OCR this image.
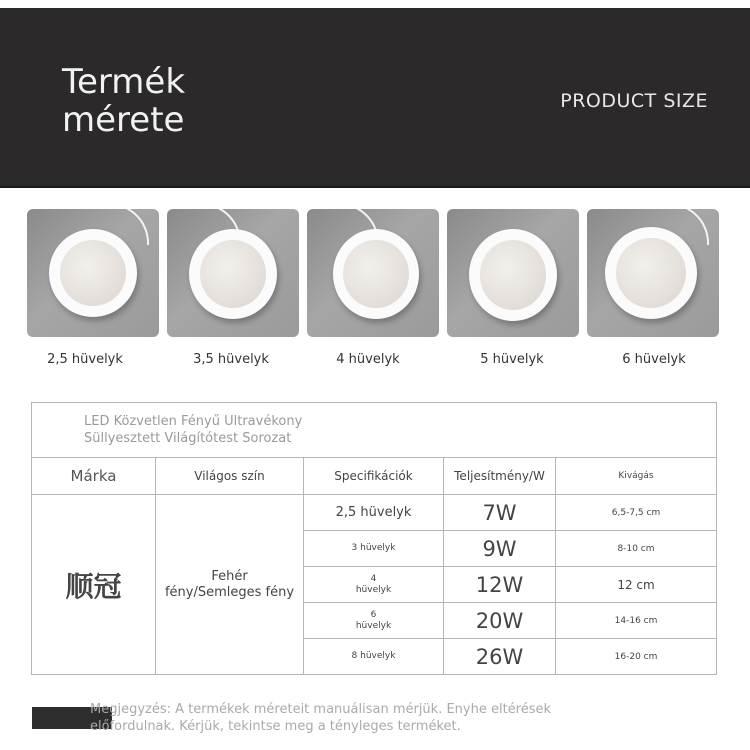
Termék
mérete	PRODUCT SIZE
2,5 hüvelyk	3,5 hüvelyk	4 hüvelyk	5 hüvelyk	6 hüvelyk
LED Közvetlen Fényű Ultravékony Süllyesztett Világítótest Sorozat				

Márka	Világos szín	Specifikációk	Teljesítmény/W	Kivágás
顺冠	Fehér fény/Semleges fény	2,5 hüvelyk	7W	6,5-7,5 cm
		3 hüvelyk	9W	8-10 cm
		4 hüvelyk	12W	12 cm
		6 hüvelyk	20W	14-16 cm
		8 hüvelyk	26W	16-20 cm
Megjegyzés: A termékek méreteit manuálisan mérjük. Enyhe eltérések előfordulnak. Kérjük, tekintse meg a tényleges terméket.
